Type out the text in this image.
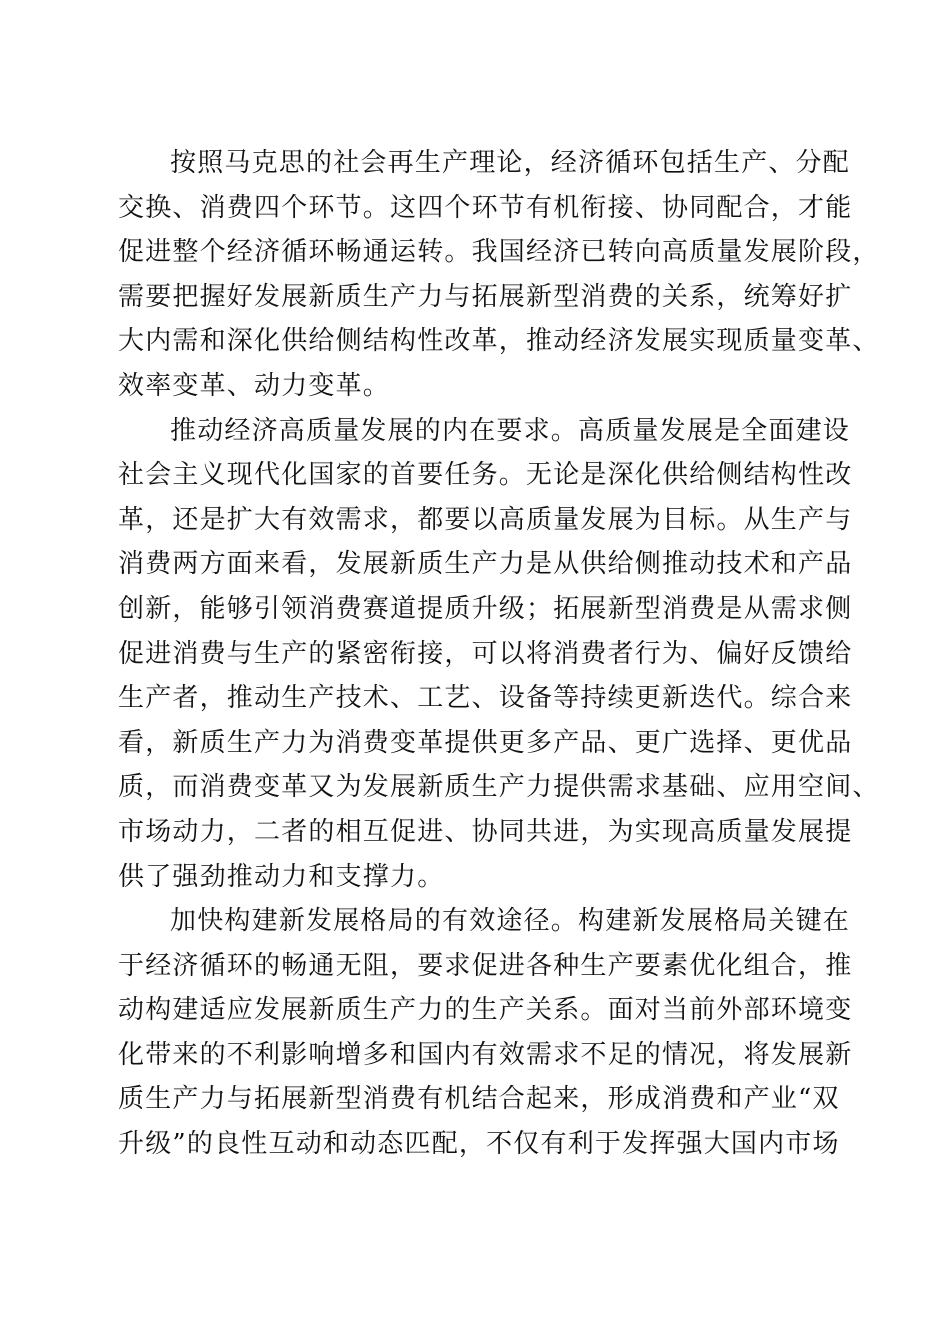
按照马克思的社会再生产理论，经济循环包括生产、分配
交换、消费四个环节。这四个环节有机衔接、协同配合，才能
促进整个经济循环畅通运转。我国经济已转向高质量发展阶段，
需要把握好发展新质生产力与拓展新型消费的关系，统筹好扩
大内需和深化供给侧结构性改革，推动经济发展实现质量变革、
效率变革、动力变革。
推动经济高质量发展的内在要求。高质量发展是全面建设
社会主义现代化国家的首要任务。无论是深化供给侧结构性改
革，还是扩大有效需求，都要以高质量发展为目标。从生产与
消费两方面来看，发展新质生产力是从供给侧推动技术和产品
创新，能够引领消费赛道提质升级；拓展新型消费是从需求侧
促进消费与生产的紧密衔接，可以将消费者行为、偏好反馈给
生产者，推动生产技术、工艺、设备等持续更新迭代。综合来
看，新质生产力为消费变革提供更多产品、更广选择、更优品
质，而消费变革又为发展新质生产力提供需求基础、应用空间、
市场动力，二者的相互促进、协同共进，为实现高质量发展提
供了强劲推动力和支撑力。
加快构建新发展格局的有效途径。构建新发展格局关键在
于经济循环的畅通无阻，要求促进各种生产要素优化组合，推
动构建适应发展新质生产力的生产关系。面对当前外部环境变
化带来的不利影响增多和国内有效需求不足的情况，将发展新
质生产力与拓展新型消费有机结合起来，形成消费和产业“双
升级”的良性互动和动态匹配，不仅有利于发挥强大国内市场
